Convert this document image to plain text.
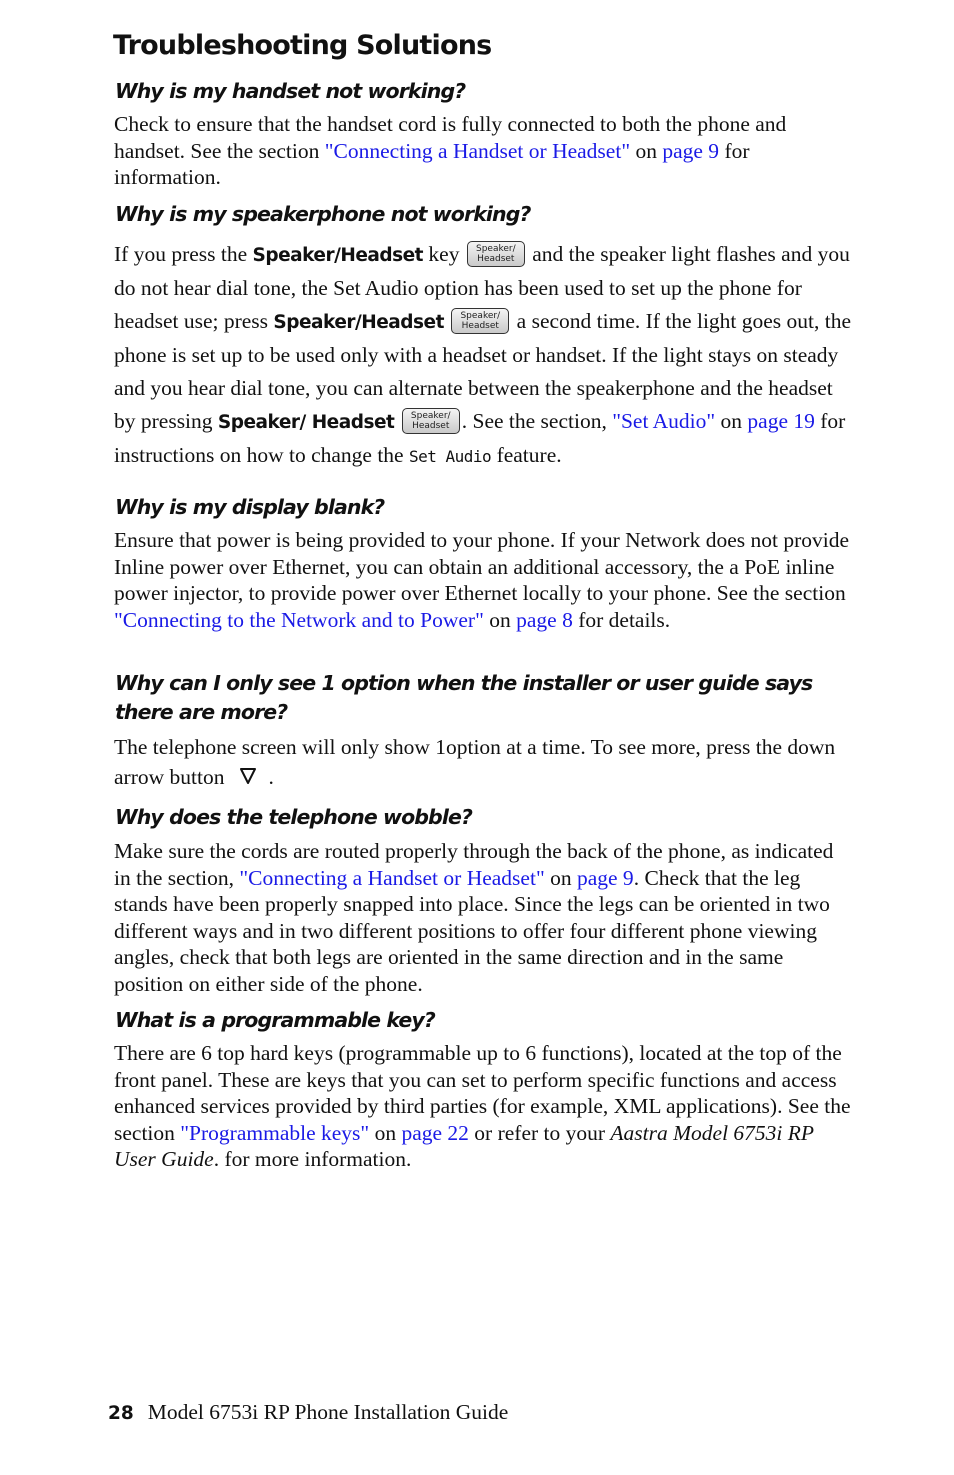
Troubleshooting Solutions
Why is my handset not working?

Check to ensure that the handset cord is fully connected to both the phone and handset. See the section "Connecting a Handset or Headset" on page 9 for information.

Why is my speakerphone not working?

If you press the Speaker/Headset key Speaker/
Headset and the speaker light flashes and you do not hear dial tone, the Set Audio option has been used to set up the phone for headset use; press Speaker/Headset Speaker/
Headset a second time. If the light goes out, the phone is set up to be used only with a headset or handset. If the light stays on steady and you hear dial tone, you can alternate between the speakerphone and the headset by pressing Speaker/ Headset Speaker/
Headset . See the section, "Set Audio" on page 19 for instructions on how to change the Set Audio feature.

Why is my display blank?

Ensure that power is being provided to your phone. If your Network does not provide Inline power over Ethernet, you can obtain an additional accessory, the a PoE inline power injector, to provide power over Ethernet locally to your phone. See the section "Connecting to the Network and to Power" on page 8 for details.

Why can I only see 1 option when the installer or user guide says there are more?

The telephone screen will only show 1option at a time. To see more, press the down arrow button .

Why does the telephone wobble?

Make sure the cords are routed properly through the back of the phone, as indicated in the section, "Connecting a Handset or Headset" on page 9. Check that the leg stands have been properly snapped into place. Since the legs can be oriented in two different ways and in two different positions to offer four different phone viewing angles, check that both legs are oriented in the same direction and in the same position on either side of the phone.

What is a programmable key?

There are 6 top hard keys (programmable up to 6 functions), located at the top of the front panel. These are keys that you can set to perform specific functions and access enhanced services provided by third parties (for example, XML applications). See the section "Programmable keys" on page 22 or refer to your Aastra Model 6753i RP User Guide. for more information.

28 Model 6753i RP Phone Installation Guide
